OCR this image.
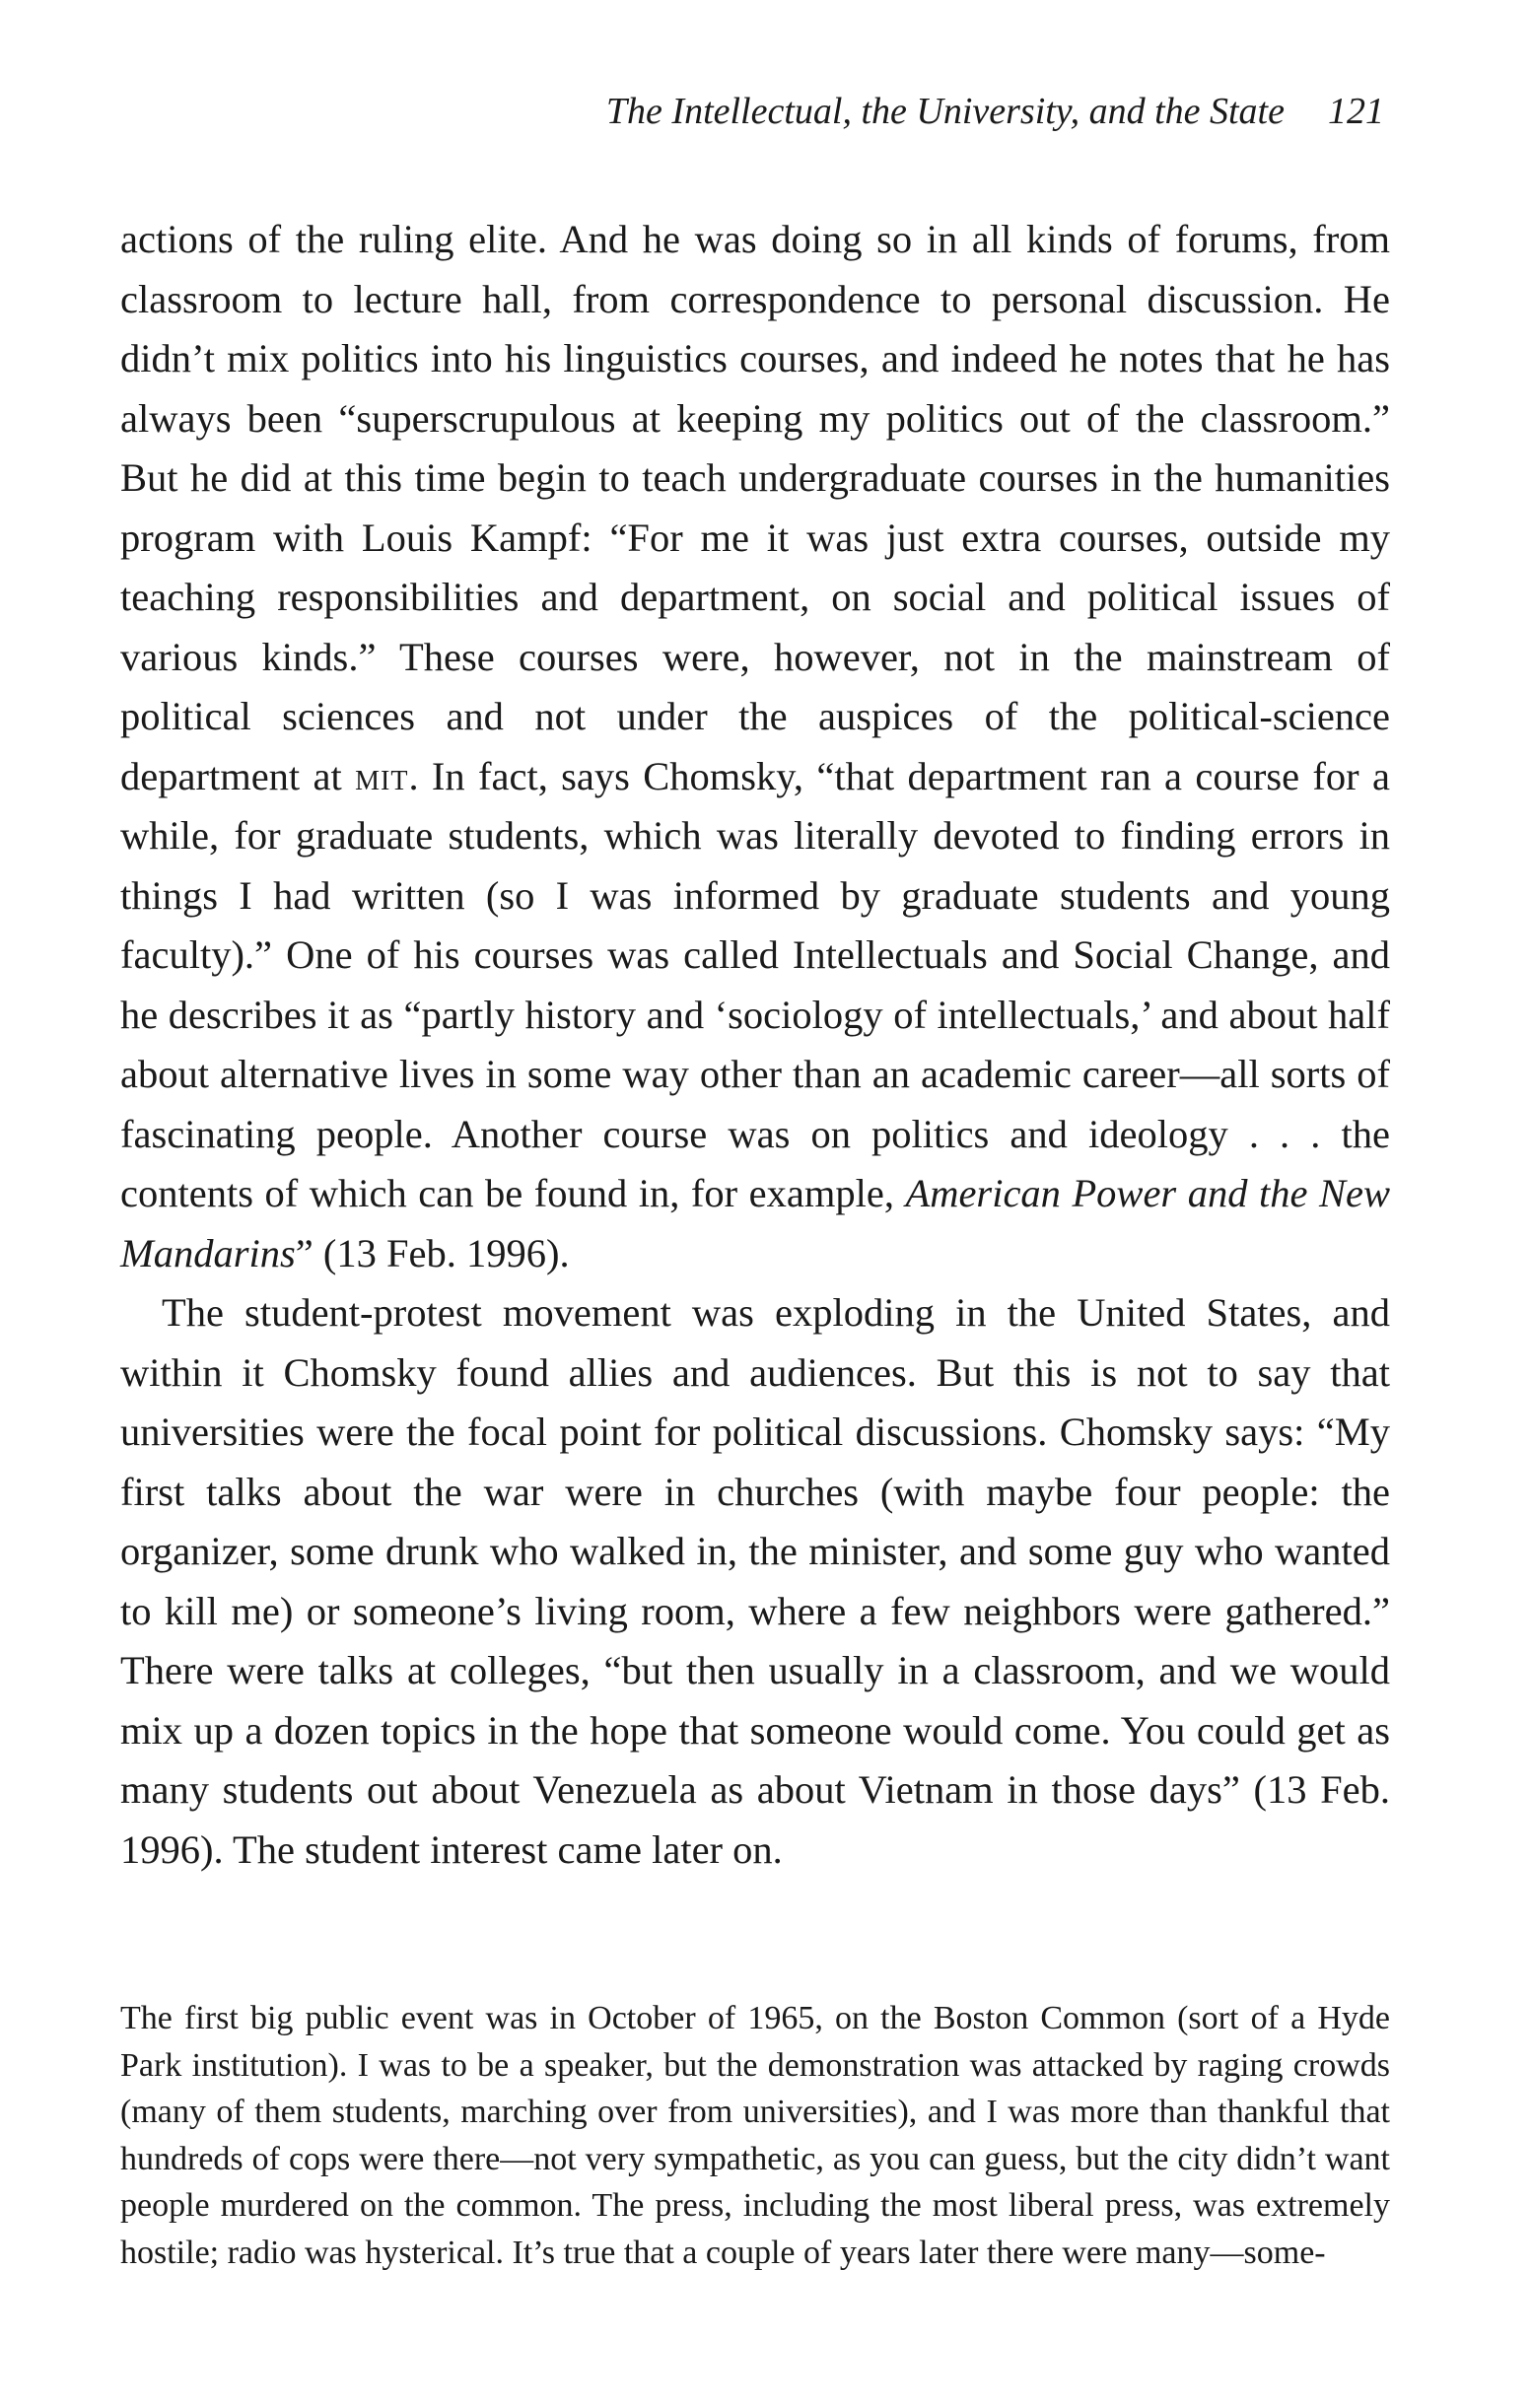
The Intellectual, the University, and the State 121

actions of the ruling elite. And he was doing so in all kinds of forums, from classroom to lecture hall, from correspondence to personal discussion. He didn’t mix politics into his linguistics courses, and indeed he notes that he has always been “superscrupulous at keeping my politics out of the classroom.” But he did at this time begin to teach undergraduate courses in the humanities program with Louis Kampf: “For me it was just extra courses, outside my teaching responsibilities and department, on social and political issues of various kinds.” These courses were, however, not in the mainstream of political sciences and not under the auspices of the political-science department at mit. In fact, says Chomsky, “that department ran a course for a while, for graduate students, which was literally devoted to finding errors in things I had written (so I was informed by graduate students and young faculty).” One of his courses was called Intellectuals and Social Change, and he describes it as “partly history and ‘sociology of intellectuals,’ and about half about alternative lives in some way other than an academic career—all sorts of fascinating people. Another course was on politics and ideology . . . the contents of which can be found in, for example, American Power and the New Mandarins” (13 Feb. 1996).

The student-protest movement was exploding in the United States, and within it Chomsky found allies and audiences. But this is not to say that universities were the focal point for political discussions. Chomsky says: “My first talks about the war were in churches (with maybe four people: the organizer, some drunk who walked in, the minister, and some guy who wanted to kill me) or someone’s living room, where a few neighbors were gathered.” There were talks at colleges, “but then usually in a classroom, and we would mix up a dozen topics in the hope that someone would come. You could get as many students out about Venezuela as about Vietnam in those days” (13 Feb. 1996). The student interest came later on.

The first big public event was in October of 1965, on the Boston Common (sort of a Hyde Park institution). I was to be a speaker, but the demonstration was attacked by raging crowds (many of them students, marching over from universities), and I was more than thankful that hundreds of cops were there—not very sympathetic, as you can guess, but the city didn’t want people murdered on the common. The press, including the most liberal press, was extremely hostile; radio was hysterical. It’s true that a couple of years later there were many—some-
